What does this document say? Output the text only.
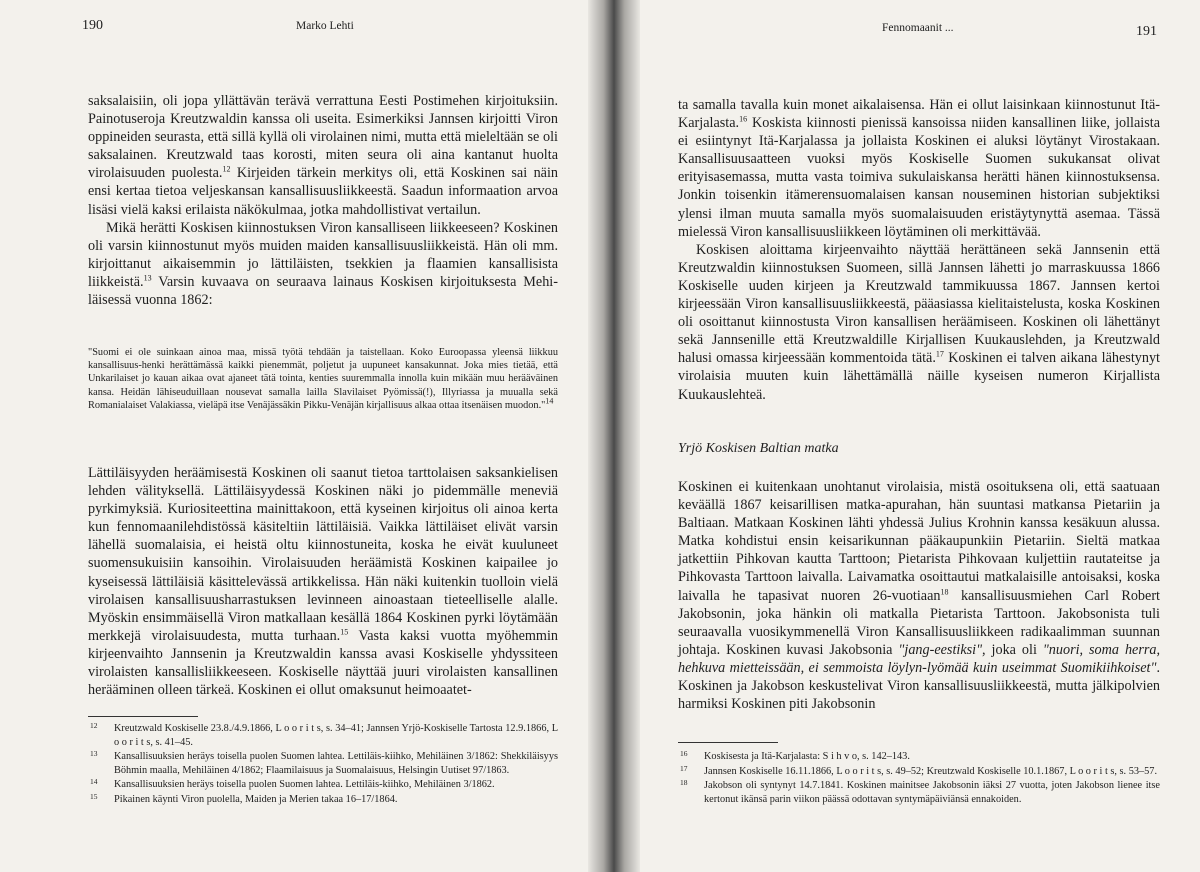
190	Marko Lehti

saksalaisiin, oli jopa yllättävän terävä verrattuna Eesti Postimehen kirjoituksiin. Painotuseroja Kreutzwaldin kanssa oli useita. Esimerkiksi Jannsen kirjoitti Viron oppineiden seurasta, että sillä kyllä oli virolainen nimi, mutta että mieleltään se oli saksalainen. Kreutzwald taas korosti, miten seura oli aina kantanut huolta virolaisuuden puolesta.$^{12}$ Kirjeiden tärkein merkitys oli, että Koskinen sai näin ensi kertaa tietoa veljeskansan kansallisuusliikkeestä. Saadun informaation arvoa lisäsi vielä kaksi erilaista näkökulmaa, jotka mahdollistivat vertailun.

Mikä herätti Koskisen kiinnostuksen Viron kansalliseen liikkeeseen? Koskinen oli varsin kiinnostunut myös muiden maiden kansallisuusliikkeistä. Hän oli mm. kirjoittanut aikaisemmin jo lättiläisten, tsekkien ja flaamien kansallisista liikkeistä.$^{13}$ Varsin kuvaava on seuraava lainaus Koskisen kirjoituksesta Mehiläisessä vuonna 1862:

"Suomi ei ole suinkaan ainoa maa, missä työtä tehdään ja taistellaan. Koko Euroopassa yleensä liikkuu kansallisuus-henki herättämässä kaikki pienemmät, poljetut ja uupuneet kansakunnat. Joka mies tietää, että Unkarilaiset jo kauan aikaa ovat ajaneet tätä tointa, kenties suuremmalla innolla kuin mikään muu herääväinen kansa. Heidän lähiseuduillaan nousevat samalla lailla Slavilaiset Pyömissä(!), Illyriassa ja muualla sekä Romanialaiset Valakiassa, vieläpä itse Venäjässäkin Pikku-Venäjän kirjallisuus alkaa ottaa itsenäisen muodon."$^{14}$

Lättiläisyyden heräämisestä Koskinen oli saanut tietoa tarttolaisen saksankielisen lehden välityksellä. Lättiläisyydessä Koskinen näki jo pidemmälle meneviä pyrkimyksiä. Kuriositeettina mainittakoon, että kyseinen kirjoitus oli ainoa kerta kun fennomaanilehdistössä käsiteltiin lättiläisiä. Vaikka lättiläiset elivät varsin lähellä suomalaisia, ei heistä oltu kiinnostuneita, koska he eivät kuuluneet suomensukuisiin kansoihin. Virolaisuuden heräämistä Koskinen kaipailee jo kyseisessä lättiläisiä käsittelevässä artikkelissa. Hän näki kuitenkin tuolloin vielä virolaisen kansallisuusharrastuksen levinneen ainoastaan tieteelliselle alalle. Myöskin ensimmäisellä Viron matkallaan kesällä 1864 Koskinen pyrki löytämään merkkejä virolaisuudesta, mutta turhaan.$^{15}$ Vasta kaksi vuotta myöhemmin kirjeenvaihto Jannsenin ja Kreutzwaldin kanssa avasi Koskiselle yhdyssiteen virolaisten kansallisliikkeeseen. Koskiselle näyttää juuri virolaisten kansallinen herääminen olleen tärkeä. Koskinen ei ollut omaksunut heimoaatet-

12 Kreutzwald Koskiselle 23.8./4.9.1866, L o o r i t s, s. 34–41; Jannsen Yrjö-Koskiselle Tartosta 12.9.1866, L o o r i t s, s. 41–45.
13 Kansallisuuksien heräys toisella puolen Suomen lahtea. Lettiläis-kiihko, Mehiläinen 3/1862: Shekkiläisyys Böhmin maalla, Mehiläinen 4/1862; Flaamilaisuus ja Suomalaisuus, Helsingin Uutiset 97/1863.
14 Kansallisuuksien heräys toisella puolen Suomen lahtea. Lettiläis-kiihko, Mehiläinen 3/1862.
15 Pikainen käynti Viron puolella, Maiden ja Merien takaa 16–17/1864.
Fennomaanit ...	191

ta samalla tavalla kuin monet aikalaisensa. Hän ei ollut laisinkaan kiinnostunut Itä-Karjalasta.$^{16}$ Koskista kiinnosti pienissä kansoissa niiden kansallinen liike, jollaista ei esiintynyt Itä-Karjalassa ja jollaista Koskinen ei aluksi löytänyt Virostakaan. Kansallisuusaatteen vuoksi myös Koskiselle Suomen sukukansat olivat erityisasemassa, mutta vasta toimiva sukulaiskansa herätti hänen kiinnostuksensa. Jonkin toisenkin itämerensuomalaisen kansan nouseminen historian subjektiksi ylensi ilman muuta samalla myös suomalaisuuden eristäytynyttä asemaa. Tässä mielessä Viron kansallisuusliikkeen löytäminen oli merkittävää.

Koskisen aloittama kirjeenvaihto näyttää herättäneen sekä Jannsenin että Kreutzwaldin kiinnostuksen Suomeen, sillä Jannsen lähetti jo marraskuussa 1866 Koskiselle uuden kirjeen ja Kreutzwald tammikuussa 1867. Jannsen kertoi kirjeessään Viron kansallisuusliikkeestä, pääasiassa kielitaistelusta, koska Koskinen oli osoittanut kiinnostusta Viron kansallisen heräämiseen. Koskinen oli lähettänyt sekä Jannsenille että Kreutzwaldille Kirjallisen Kuukauslehden, ja Kreutzwald halusi omassa kirjeessään kommentoida tätä.$^{17}$ Koskinen ei talven aikana lähestynyt virolaisia muuten kuin lähettämällä näille kyseisen numeron Kirjallista Kuukauslehteä.

Yrjö Koskisen Baltian matka

Koskinen ei kuitenkaan unohtanut virolaisia, mistä osoituksena oli, että saatuaan keväällä 1867 keisarillisen matka-apurahan, hän suuntasi matkansa Pietariin ja Baltiaan. Matkaan Koskinen lähti yhdessä Julius Krohnin kanssa kesäkuun alussa. Matka kohdistui ensin keisarikunnan pääkaupunkiin Pietariin. Sieltä matkaa jatkettiin Pihkovan kautta Tarttoon; Pietarista Pihkovaan kuljettiin rautateitse ja Pihkovasta Tarttoon laivalla. Laivamatka osoittautui matkalaisille antoisaksi, koska laivalla he tapasivat nuoren 26-vuotiaan$^{18}$ kansallisuusmiehen Carl Robert Jakobsonin, joka hänkin oli matkalla Pietarista Tarttoon. Jakobsonista tuli seuraavalla vuosikymmenellä Viron Kansallisuusliikkeen radikaalimman suunnan johtaja. Koskinen kuvasi Jakobsonia "jang-eestiksi", joka oli "nuori, soma herra, hehkuva mietteissään, ei semmoista löylyn-lyömää kuin useimmat Suomikiihkoiset". Koskinen ja Jakobson keskustelivat Viron kansallisuusliikkeestä, mutta jälkipolvien harmiksi Koskinen piti Jakobsonin

16 Koskisesta ja Itä-Karjalasta: S i h v o, s. 142–143.
17 Jannsen Koskiselle 16.11.1866, L o o r i t s, s. 49–52; Kreutzwald Koskiselle 10.1.1867, L o o r i t s, s. 53–57.
18 Jakobson oli syntynyt 14.7.1841. Koskinen mainitsee Jakobsonin iäksi 27 vuotta, joten Jakobson lienee itse kertonut ikänsä parin viikon päässä odottavan syntymäpäiviänsä ennakoiden.
